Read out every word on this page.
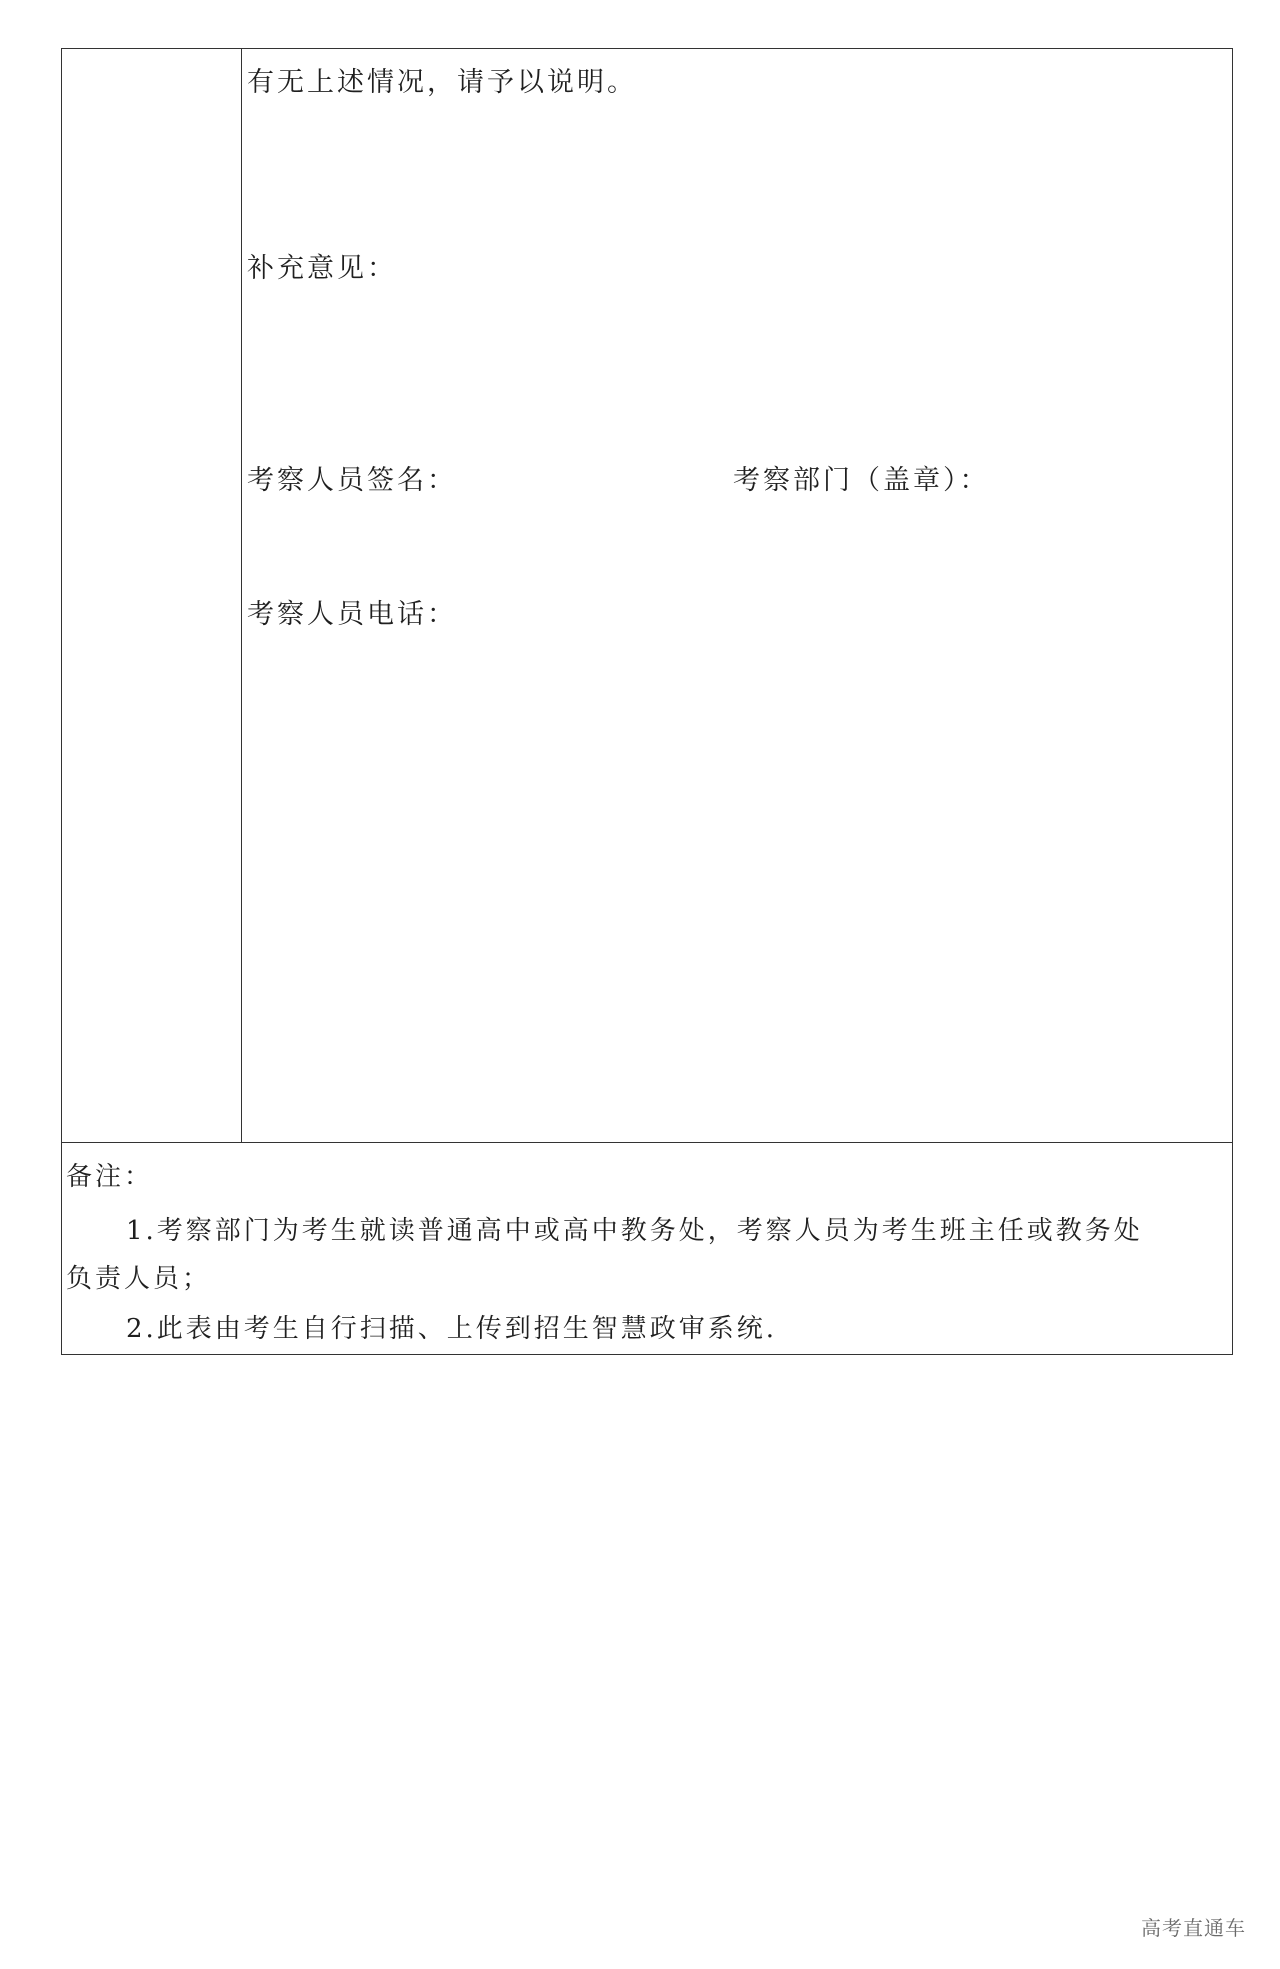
有无上述情况，请予以说明。
补充意见：
考察人员签名：	考察部门（盖章）：
考察人员电话：
备注：
1.考察部门为考生就读普通高中或高中教务处，考察人员为考生班主任或教务处
负责人员；
2.此表由考生自行扫描、上传到招生智慧政审系统.
高考直通车
